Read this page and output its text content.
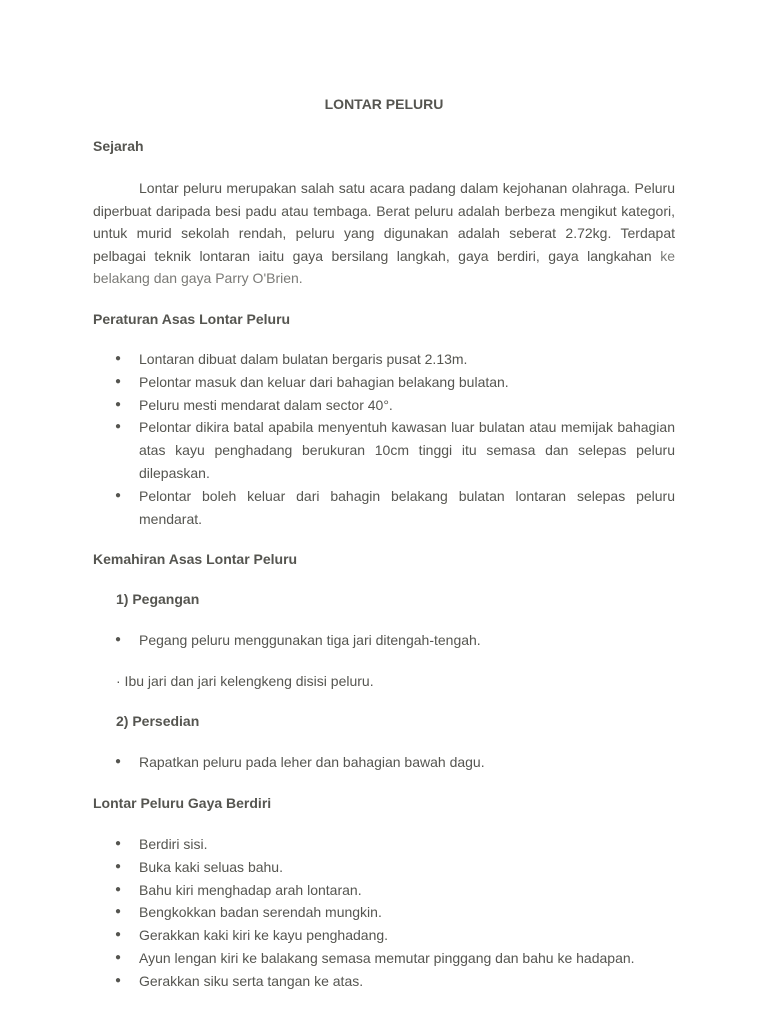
LONTAR PELURU
Sejarah

Lontar peluru merupakan salah satu acara padang dalam kejohanan olahraga. Peluru diperbuat daripada besi padu atau tembaga. Berat peluru adalah berbeza mengikut kategori, untuk murid sekolah rendah, peluru yang digunakan adalah seberat 2.72kg. Terdapat pelbagai teknik lontaran iaitu gaya bersilang langkah, gaya berdiri, gaya langkahan ke belakang dan gaya Parry O'Brien.

Peraturan Asas Lontar Peluru
● Lontaran dibuat dalam bulatan bergaris pusat 2.13m.
● Pelontar masuk dan keluar dari bahagian belakang bulatan.
● Peluru mesti mendarat dalam sector 40°.
● Pelontar dikira batal apabila menyentuh kawasan luar bulatan atau memijak bahagian atas kayu penghadang berukuran 10cm tinggi itu semasa dan selepas peluru dilepaskan.
● Pelontar boleh keluar dari bahagin belakang bulatan lontaran selepas peluru mendarat.
Kemahiran Asas Lontar Peluru
1) Pegangan
● Pegang peluru menggunakan tiga jari ditengah-tengah.

· Ibu jari dan jari kelengkeng disisi peluru.

2) Persedian
● Rapatkan peluru pada leher dan bahagian bawah dagu.
Lontar Peluru Gaya Berdiri
● Berdiri sisi.
● Buka kaki seluas bahu.
● Bahu kiri menghadap arah lontaran.
● Bengkokkan badan serendah mungkin.
● Gerakkan kaki kiri ke kayu penghadang.
● Ayun lengan kiri ke balakang semasa memutar pinggang dan bahu ke hadapan.
● Gerakkan siku serta tangan ke atas.
